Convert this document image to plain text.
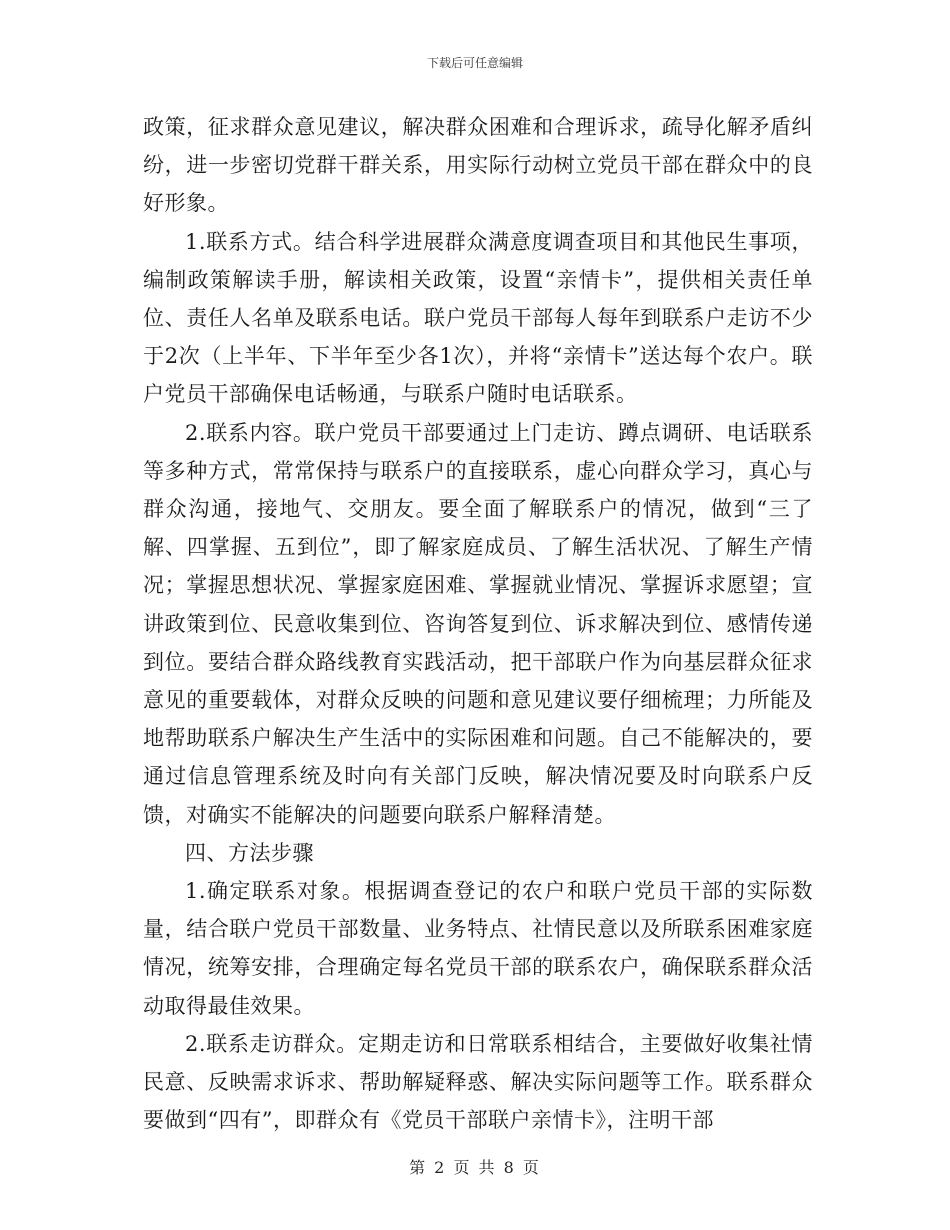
下载后可任意编辑

政策，征求群众意见建议，解决群众困难和合理诉求，疏导化解矛盾纠纷，进一步密切党群干群关系，用实际行动树立党员干部在群众中的良好形象。

1.联系方式。结合科学进展群众满意度调查项目和其他民生事项，编制政策解读手册，解读相关政策，设置“亲情卡”，提供相关责任单位、责任人名单及联系电话。联户党员干部每人每年到联系户走访不少于2次（上半年、下半年至少各1次），并将“亲情卡”送达每个农户。联户党员干部确保电话畅通，与联系户随时电话联系。

2.联系内容。联户党员干部要通过上门走访、蹲点调研、电话联系等多种方式，常常保持与联系户的直接联系，虚心向群众学习，真心与群众沟通，接地气、交朋友。要全面了解联系户的情况，做到“三了解、四掌握、五到位”，即了解家庭成员、了解生活状况、了解生产情况；掌握思想状况、掌握家庭困难、掌握就业情况、掌握诉求愿望；宣讲政策到位、民意收集到位、咨询答复到位、诉求解决到位、感情传递到位。要结合群众路线教育实践活动，把干部联户作为向基层群众征求意见的重要载体，对群众反映的问题和意见建议要仔细梳理；力所能及地帮助联系户解决生产生活中的实际困难和问题。自己不能解决的，要通过信息管理系统及时向有关部门反映，解决情况要及时向联系户反馈，对确实不能解决的问题要向联系户解释清楚。

四、方法步骤

1.确定联系对象。根据调查登记的农户和联户党员干部的实际数量，结合联户党员干部数量、业务特点、社情民意以及所联系困难家庭情况，统筹安排，合理确定每名党员干部的联系农户，确保联系群众活动取得最佳效果。

2.联系走访群众。定期走访和日常联系相结合，主要做好收集社情民意、反映需求诉求、帮助解疑释惑、解决实际问题等工作。联系群众要做到“四有”，即群众有《党员干部联户亲情卡》，注明干部

第 2 页 共 8 页
